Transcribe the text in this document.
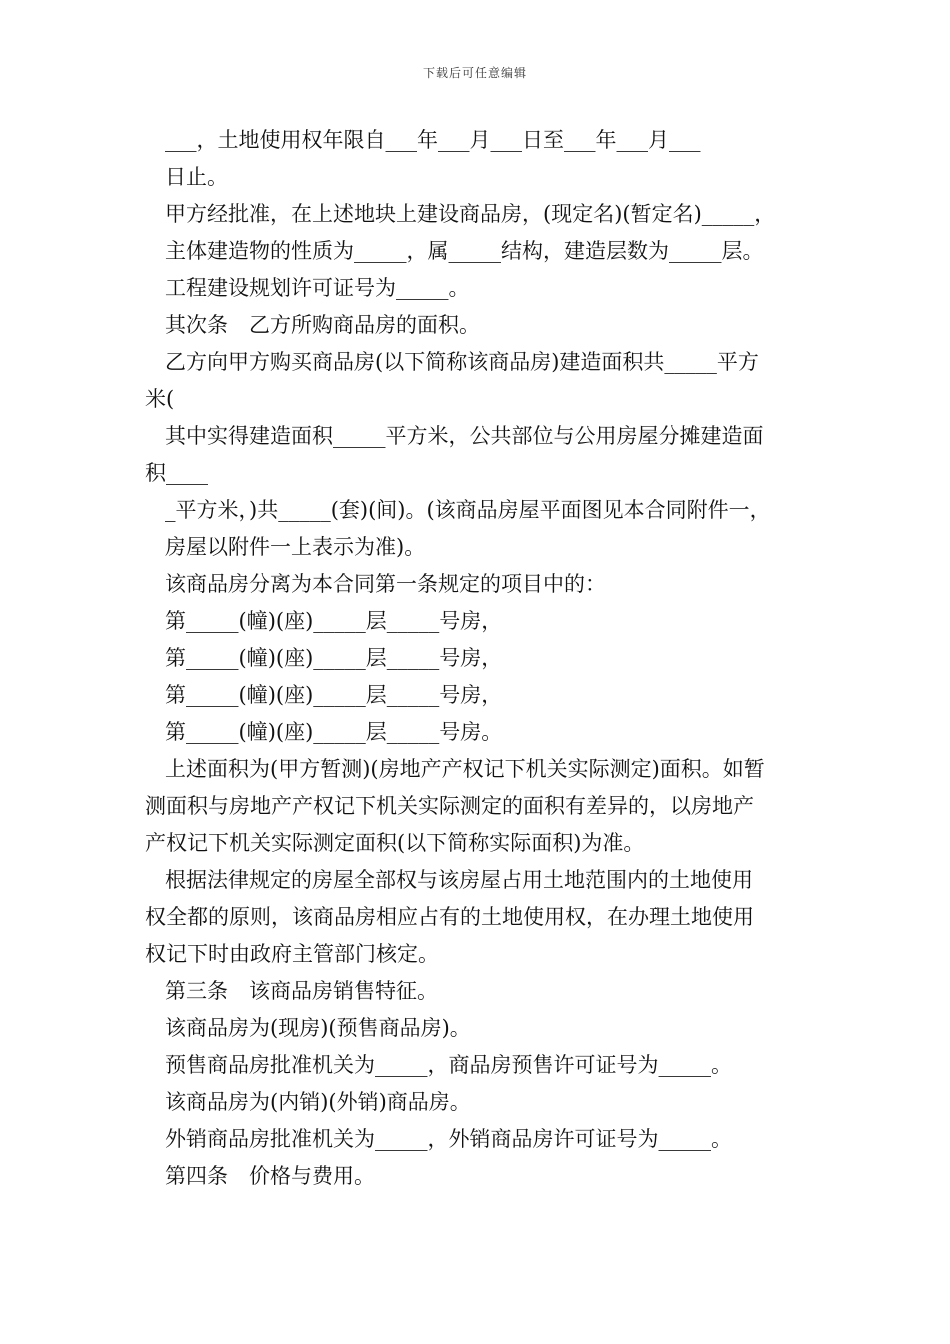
下载后可任意编辑
___，土地使用权年限自___年___月___日至___年___月___
日止。
甲方经批准，在上述地块上建设商品房，(现定名)(暂定名)_____，
主体建造物的性质为_____，属_____结构，建造层数为_____层。
工程建设规划许可证号为_____。
其次条　乙方所购商品房的面积。
乙方向甲方购买商品房(以下简称该商品房)建造面积共_____平方
米(
其中实得建造面积_____平方米，公共部位与公用房屋分摊建造面
积____
_平方米，)共_____(套)(间)。(该商品房屋平面图见本合同附件一，
房屋以附件一上表示为准)。
该商品房分离为本合同第一条规定的项目中的：
第_____(幢)(座)_____层_____号房，
第_____(幢)(座)_____层_____号房，
第_____(幢)(座)_____层_____号房，
第_____(幢)(座)_____层_____号房。
上述面积为(甲方暂测)(房地产产权记下机关实际测定)面积。如暂
测面积与房地产产权记下机关实际测定的面积有差异的，以房地产
产权记下机关实际测定面积(以下简称实际面积)为准。
根据法律规定的房屋全部权与该房屋占用土地范围内的土地使用
权全都的原则，该商品房相应占有的土地使用权，在办理土地使用
权记下时由政府主管部门核定。
第三条　该商品房销售特征。
该商品房为(现房)(预售商品房)。
预售商品房批准机关为_____，商品房预售许可证号为_____。
该商品房为(内销)(外销)商品房。
外销商品房批准机关为_____，外销商品房许可证号为_____。
第四条　价格与费用。
